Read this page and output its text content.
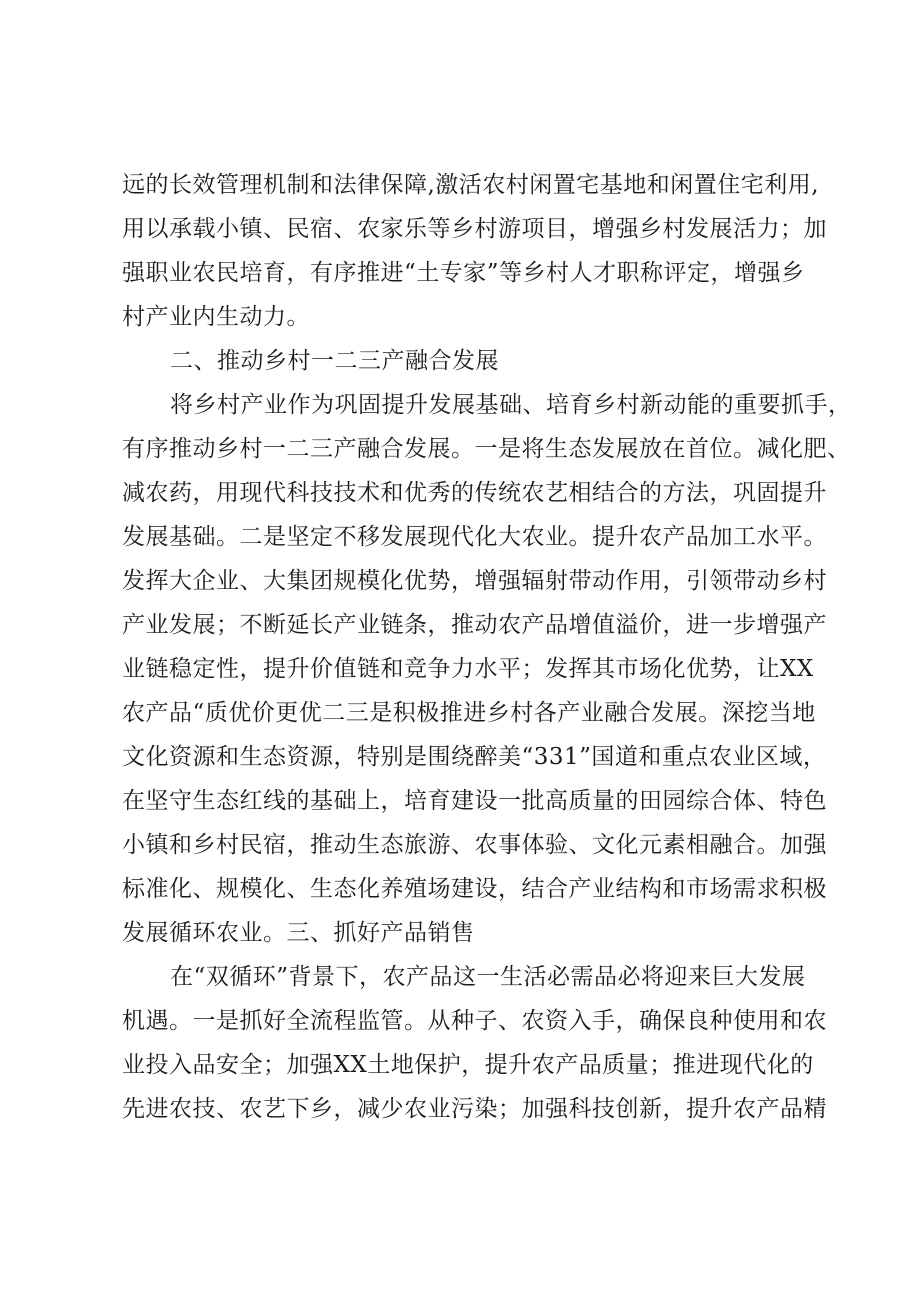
远的长效管理机制和法律保障,激活农村闲置宅基地和闲置住宅利用,
用以承载小镇、民宿、农家乐等乡村游项目，增强乡村发展活力；加
强职业农民培育，有序推进“土专家”等乡村人才职称评定，增强乡
村产业内生动力。
二、推动乡村一二三产融合发展
将乡村产业作为巩固提升发展基础、培育乡村新动能的重要抓手，
有序推动乡村一二三产融合发展。一是将生态发展放在首位。减化肥、
减农药，用现代科技技术和优秀的传统农艺相结合的方法，巩固提升
发展基础。二是坚定不移发展现代化大农业。提升农产品加工水平。
发挥大企业、大集团规模化优势，增强辐射带动作用，引领带动乡村
产业发展；不断延长产业链条，推动农产品增值溢价，进一步增强产
业链稳定性，提升价值链和竞争力水平；发挥其市场化优势，让XX
农产品“质优价更优二三是积极推进乡村各产业融合发展。深挖当地
文化资源和生态资源，特别是围绕醉美“331”国道和重点农业区域，
在坚守生态红线的基础上，培育建设一批高质量的田园综合体、特色
小镇和乡村民宿，推动生态旅游、农事体验、文化元素相融合。加强
标准化、规模化、生态化养殖场建设，结合产业结构和市场需求积极
发展循环农业。三、抓好产品销售
在“双循环”背景下，农产品这一生活必需品必将迎来巨大发展
机遇。一是抓好全流程监管。从种子、农资入手，确保良种使用和农
业投入品安全；加强XX土地保护，提升农产品质量；推进现代化的
先进农技、农艺下乡，减少农业污染；加强科技创新，提升农产品精
